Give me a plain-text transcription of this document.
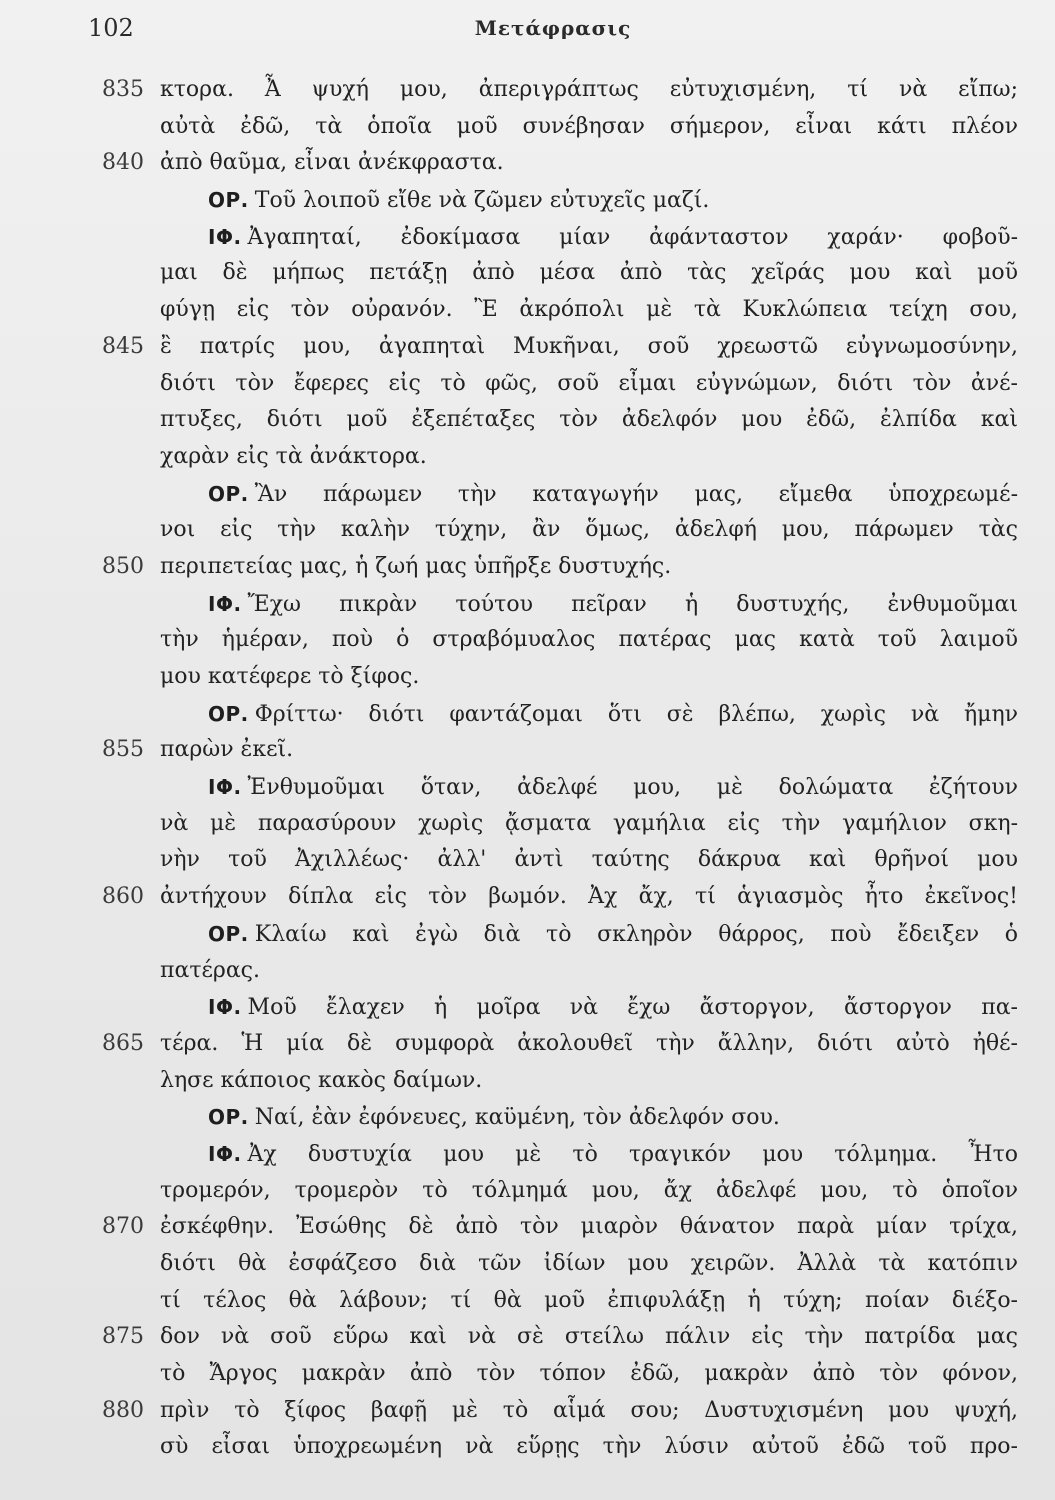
102	Μετάφρασις
835 κτορα. Ἆ ψυχή μου, ἀπεριγράπτως εὐτυχισμένη, τί νὰ εἴπω;
αὐτὰ ἐδῶ, τὰ ὁποῖα μοῦ συνέβησαν σήμερον, εἶναι κάτι πλέον
840 ἀπὸ θαῦμα, εἶναι ἀνέκφραστα.
ΟΡ. Τοῦ λοιποῦ εἴθε νὰ ζῶμεν εὐτυχεῖς μαζί.
ΙΦ. Ἀγαπηταί, ἐδοκίμασα μίαν ἀφάνταστον χαράν· φοβοῦ-
μαι δὲ μήπως πετάξῃ ἀπὸ μέσα ἀπὸ τὰς χεῖράς μου καὶ μοῦ
φύγῃ εἰς τὸν οὐρανόν. Ἒ ἀκρόπολι μὲ τὰ Κυκλώπεια τείχη σου,
845 ἒ πατρίς μου, ἀγαπηταὶ Μυκῆναι, σοῦ χρεωστῶ εὐγνωμοσύνην,
διότι τὸν ἔφερες εἰς τὸ φῶς, σοῦ εἶμαι εὐγνώμων, διότι τὸν ἀνέ-
πτυξες, διότι μοῦ ἐξεπέταξες τὸν ἀδελφόν μου ἐδῶ, ἐλπίδα καὶ
χαρὰν εἰς τὰ ἀνάκτορα.
ΟΡ. Ἂν πάρωμεν τὴν καταγωγήν μας, εἴμεθα ὑποχρεωμέ-
νοι εἰς τὴν καλὴν τύχην, ἂν ὅμως, ἀδελφή μου, πάρωμεν τὰς
850 περιπετείας μας, ἡ ζωή μας ὑπῆρξε δυστυχής.
ΙΦ. Ἔχω πικρὰν τούτου πεῖραν ἡ δυστυχής, ἐνθυμοῦμαι
τὴν ἡμέραν, ποὺ ὁ στραβόμυαλος πατέρας μας κατὰ τοῦ λαιμοῦ
μου κατέφερε τὸ ξίφος.
ΟΡ. Φρίττω· διότι φαντάζομαι ὅτι σὲ βλέπω, χωρὶς νὰ ἤμην
855 παρὼν ἐκεῖ.
ΙΦ. Ἐνθυμοῦμαι ὅταν, ἀδελφέ μου, μὲ δολώματα ἐζήτουν
νὰ μὲ παρασύρουν χωρὶς ᾄσματα γαμήλια εἰς τὴν γαμήλιον σκη-
νὴν τοῦ Ἀχιλλέως· ἀλλ' ἀντὶ ταύτης δάκρυα καὶ θρῆνοί μου
860 ἀντήχουν δίπλα εἰς τὸν βωμόν. Ἀχ ἄχ, τί ἁγιασμὸς ἦτο ἐκεῖνος!
ΟΡ. Κλαίω καὶ ἐγὼ διὰ τὸ σκληρὸν θάρρος, ποὺ ἔδειξεν ὁ
πατέρας.
ΙΦ. Μοῦ ἔλαχεν ἡ μοῖρα νὰ ἔχω ἄστοργον, ἄστοργον πα-
865 τέρα. Ἡ μία δὲ συμφορὰ ἀκολουθεῖ τὴν ἄλλην, διότι αὐτὸ ἠθέ-
λησε κάποιος κακὸς δαίμων.
ΟΡ. Ναί, ἐὰν ἐφόνευες, καϋμένη, τὸν ἀδελφόν σου.
ΙΦ. Ἀχ δυστυχία μου μὲ τὸ τραγικόν μου τόλμημα. Ἦτο
τρομερόν, τρομερὸν τὸ τόλμημά μου, ἄχ ἀδελφέ μου, τὸ ὁποῖον
870 ἐσκέφθην. Ἐσώθης δὲ ἀπὸ τὸν μιαρὸν θάνατον παρὰ μίαν τρίχα,
διότι θὰ ἐσφάζεσο διὰ τῶν ἰδίων μου χειρῶν. Ἀλλὰ τὰ κατόπιν
τί τέλος θὰ λάβουν; τί θὰ μοῦ ἐπιφυλάξῃ ἡ τύχη; ποίαν διέξο-
875 δον νὰ σοῦ εὕρω καὶ νὰ σὲ στείλω πάλιν εἰς τὴν πατρίδα μας
τὸ Ἄργος μακρὰν ἀπὸ τὸν τόπον ἐδῶ, μακρὰν ἀπὸ τὸν φόνον,
880 πρὶν τὸ ξίφος βαφῇ μὲ τὸ αἷμά σου; Δυστυχισμένη μου ψυχή,
σὺ εἶσαι ὑποχρεωμένη νὰ εὕρῃς τὴν λύσιν αὐτοῦ ἐδῶ τοῦ προ-
